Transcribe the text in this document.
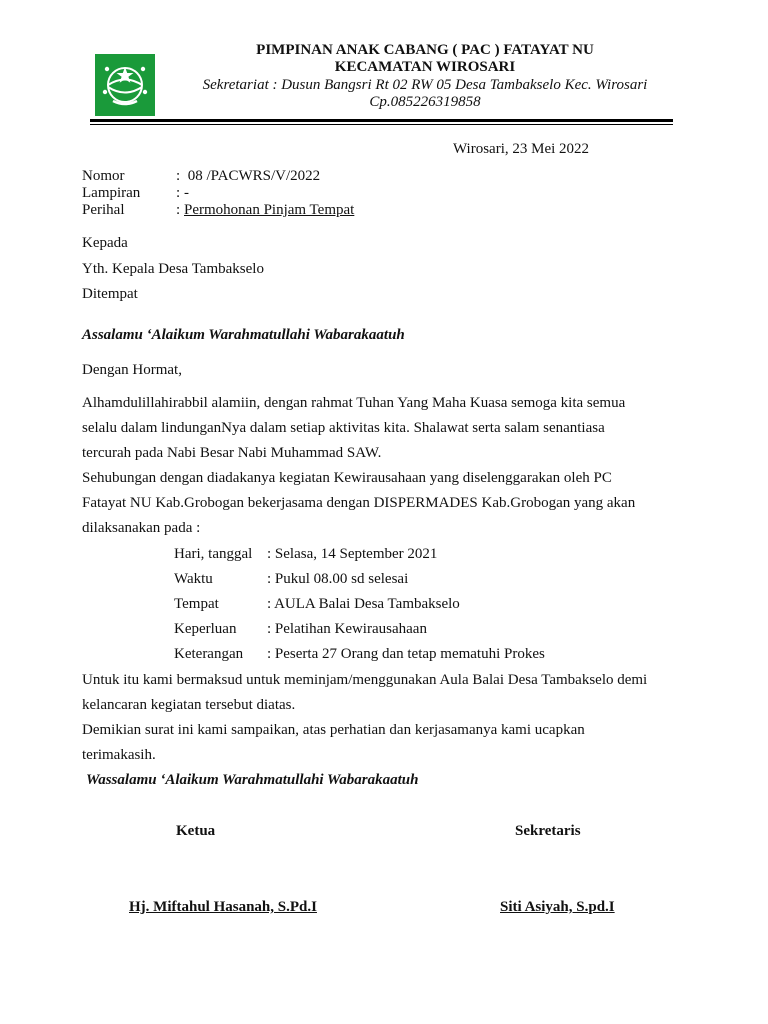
PIMPINAN ANAK CABANG ( PAC ) FATAYAT NU
KECAMATAN WIROSARI
Sekretariat : Dusun Bangsri Rt 02 RW 05 Desa Tambakselo Kec. Wirosari
Cp.085226319858
Wirosari, 23 Mei 2022
Nomor	: 08 /PACWRS/V/2022
Lampiran : -
Perihal	: Permohonan Pinjam Tempat
Kepada
Yth. Kepala Desa Tambakselo
Ditempat
Assalamu ‘Alaikum Warahmatullahi Wabarakaatuh
Dengan Hormat,
Alhamdulillahirabbil alamiin, dengan rahmat Tuhan Yang Maha Kuasa semoga kita semua
selalu dalam lindunganNya dalam setiap aktivitas kita. Shalawat serta salam senantiasa
tercurah pada Nabi Besar Nabi Muhammad SAW.
Sehubungan dengan diadakanya kegiatan Kewirausahaan yang diselenggarakan oleh PC
Fatayat NU Kab.Grobogan bekerjasama dengan DISPERMADES Kab.Grobogan yang akan
dilaksanakan pada :
Hari, tanggal : Selasa, 14 September 2021
Waktu	: Pukul 08.00 sd selesai
Tempat	: AULA Balai Desa Tambakselo
Keperluan : Pelatihan Kewirausahaan
Keterangan : Peserta 27 Orang dan tetap mematuhi Prokes
Untuk itu kami bermaksud untuk meminjam/menggunakan Aula Balai Desa Tambakselo demi
kelancaran kegiatan tersebut diatas.
Demikian surat ini kami sampaikan, atas perhatian dan kerjasamanya kami ucapkan
terimakasih.
Wassalamu ‘Alaikum Warahmatullahi Wabarakaatuh
Ketua	Sekretaris
Hj. Miftahul Hasanah, S.Pd.I	Siti Asiyah, S.pd.I
